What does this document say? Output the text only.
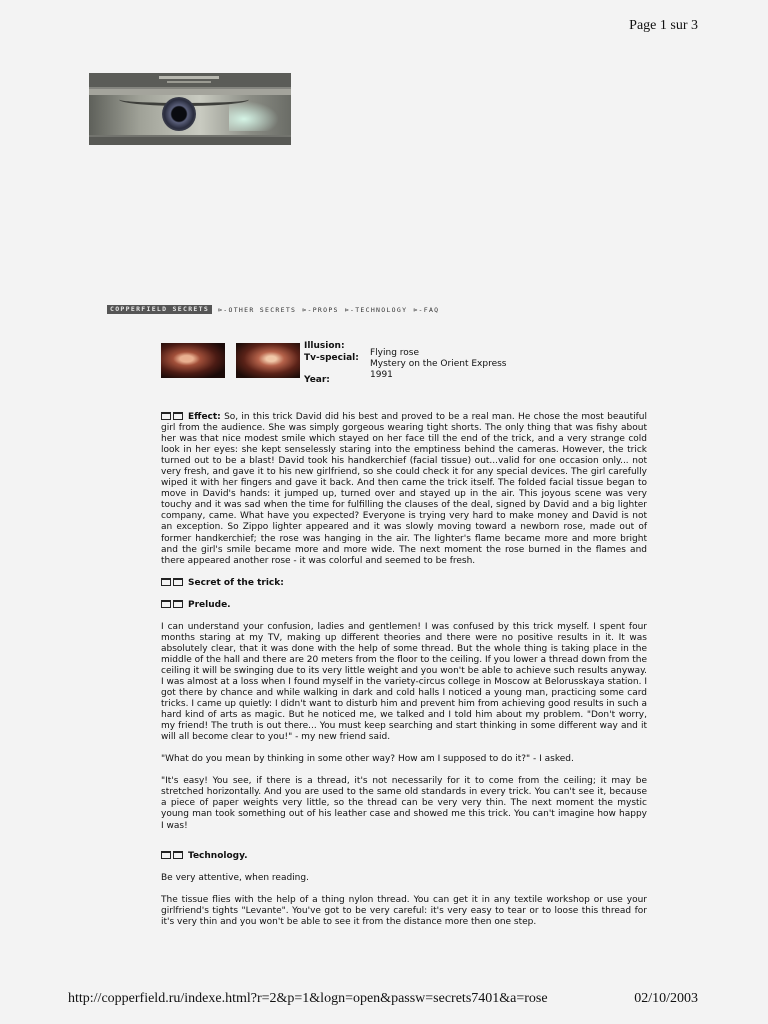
Page 1 sur 3
COPPERFIELD SECRETS	⊳-OTHER SECRETS ⊳-PROPS ⊳-TECHNOLOGY ⊳-FAQ
Illusion:
Tv-special:
Year:
Flying rose
Mystery on the Orient Express
1991

Effect: So, in this trick David did his best and proved to be a real man. He chose the most beautiful girl from the audience. She was simply gorgeous wearing tight shorts. The only thing that was fishy about her was that nice modest smile which stayed on her face till the end of the trick, and a very strange cold look in her eyes: she kept senselessly staring into the emptiness behind the cameras. However, the trick turned out to be a blast! David took his handkerchief (facial tissue) out...valid for one occasion only... not very fresh, and gave it to his new girlfriend, so she could check it for any special devices. The girl carefully wiped it with her fingers and gave it back. And then came the trick itself. The folded facial tissue began to move in David's hands: it jumped up, turned over and stayed up in the air. This joyous scene was very touchy and it was sad when the time for fulfilling the clauses of the deal, signed by David and a big lighter company, came. What have you expected? Everyone is trying very hard to make money and David is not an exception. So Zippo lighter appeared and it was slowly moving toward a newborn rose, made out of former handkerchief; the rose was hanging in the air. The lighter's flame became more and more bright and the girl's smile became more and more wide. The next moment the rose burned in the flames and there appeared another rose - it was colorful and seemed to be fresh.

Secret of the trick:

Prelude.

I can understand your confusion, ladies and gentlemen! I was confused by this trick myself. I spent four months staring at my TV, making up different theories and there were no positive results in it. It was absolutely clear, that it was done with the help of some thread. But the whole thing is taking place in the middle of the hall and there are 20 meters from the floor to the ceiling. If you lower a thread down from the ceiling it will be swinging due to its very little weight and you won't be able to achieve such results anyway. I was almost at a loss when I found myself in the variety-circus college in Moscow at Belorusskaya station. I got there by chance and while walking in dark and cold halls I noticed a young man, practicing some card tricks. I came up quietly: I didn't want to disturb him and prevent him from achieving good results in such a hard kind of arts as magic. But he noticed me, we talked and I told him about my problem. "Don't worry, my friend! The truth is out there... You must keep searching and start thinking in some different way and it will all become clear to you!" - my new friend said.

"What do you mean by thinking in some other way? How am I supposed to do it?" - I asked.

"It's easy! You see, if there is a thread, it's not necessarily for it to come from the ceiling; it may be stretched horizontally. And you are used to the same old standards in every trick. You can't see it, because a piece of paper weights very little, so the thread can be very very thin. The next moment the mystic young man took something out of his leather case and showed me this trick. You can't imagine how happy I was!

Technology.

Be very attentive, when reading.

The tissue flies with the help of a thing nylon thread. You can get it in any textile workshop or use your girlfriend's tights "Levante". You've got to be very careful: it's very easy to tear or to loose this thread for it's very thin and you won't be able to see it from the distance more then one step.

http://copperfield.ru/indexe.html?r=2&p=1&logn=open&passw=secrets7401&a=rose	02/10/2003
